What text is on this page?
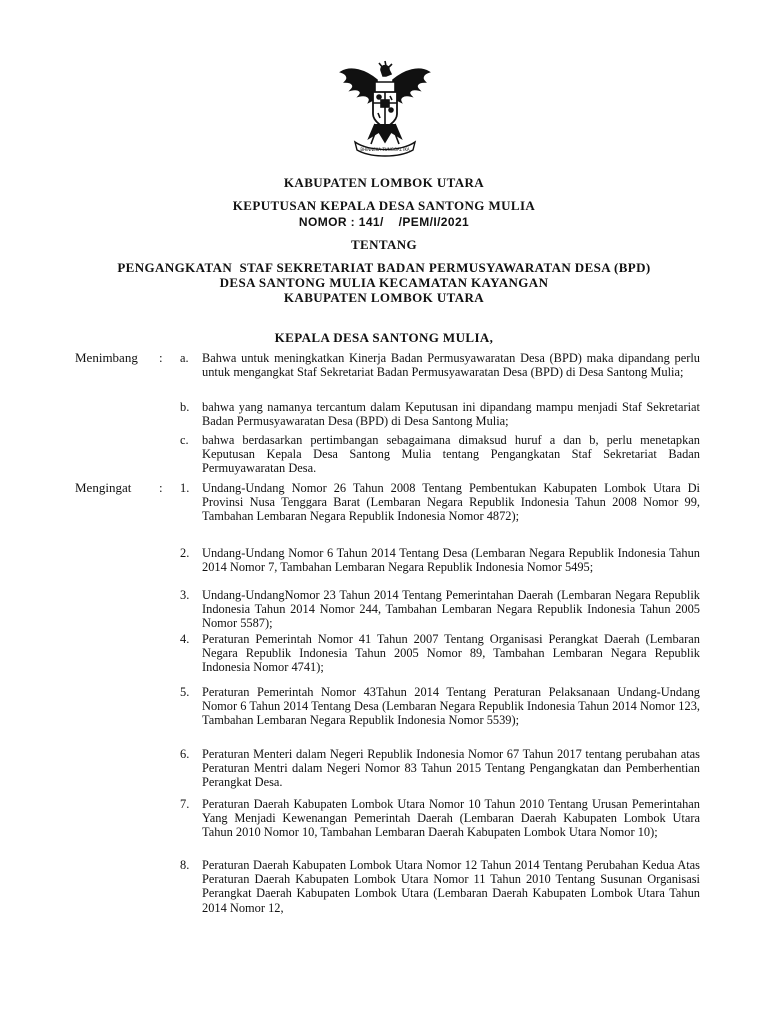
BHINNEKA TUNGGAL IKA
KABUPATEN LOMBOK UTARA
KEPUTUSAN KEPALA DESA SANTONG MULIA
NOMOR : 141/    /PEM/I/2021
TENTANG
PENGANGKATAN  STAF SEKRETARIAT BADAN PERMUSYAWARATAN DESA (BPD)
DESA SANTONG MULIA KECAMATAN KAYANGAN
KABUPATEN LOMBOK UTARA
KEPALA DESA SANTONG MULIA,
Menimbang : a. Bahwa untuk meningkatkan Kinerja Badan Permusyawaratan Desa (BPD) maka dipandang perlu untuk mengangkat Staf Sekretariat Badan Permusyawaratan Desa (BPD) di Desa Santong Mulia;
b. bahwa yang namanya tercantum dalam Keputusan ini dipandang mampu menjadi Staf Sekretariat Badan Permusyawaratan Desa (BPD) di Desa Santong Mulia;
c. bahwa berdasarkan pertimbangan sebagaimana dimaksud huruf a dan b, perlu menetapkan Keputusan Kepala Desa Santong Mulia tentang Pengangkatan Staf Sekretariat Badan Permuyawaratan Desa.
Mengingat : 1. Undang-Undang Nomor 26 Tahun 2008 Tentang Pembentukan Kabupaten Lombok Utara Di Provinsi Nusa Tenggara Barat (Lembaran Negara Republik Indonesia Tahun 2008 Nomor 99, Tambahan Lembaran Negara Republik Indonesia Nomor 4872);
2. Undang-Undang Nomor 6 Tahun 2014 Tentang Desa (Lembaran Negara Republik Indonesia Tahun 2014 Nomor 7, Tambahan Lembaran Negara Republik Indonesia Nomor 5495;
3. Undang-UndangNomor 23 Tahun 2014 Tentang Pemerintahan Daerah (Lembaran Negara Republik Indonesia Tahun 2014 Nomor 244, Tambahan Lembaran Negara Republik Indonesia Tahun 2005 Nomor 5587);
4. Peraturan Pemerintah Nomor 41 Tahun 2007 Tentang Organisasi Perangkat Daerah (Lembaran Negara Republik Indonesia Tahun 2005 Nomor 89, Tambahan Lembaran Negara Republik Indonesia Nomor 4741);
5. Peraturan Pemerintah Nomor 43Tahun 2014 Tentang Peraturan Pelaksanaan Undang-Undang Nomor 6 Tahun 2014 Tentang Desa (Lembaran Negara Republik Indonesia Tahun 2014 Nomor 123, Tambahan Lembaran Negara Republik Indonesia Nomor 5539);
6. Peraturan Menteri dalam Negeri Republik Indonesia Nomor 67 Tahun 2017 tentang perubahan atas Peraturan Mentri dalam Negeri Nomor 83 Tahun 2015 Tentang Pengangkatan dan Pemberhentian Perangkat Desa.
7. Peraturan Daerah Kabupaten Lombok Utara Nomor 10 Tahun 2010 Tentang Urusan Pemerintahan Yang Menjadi Kewenangan Pemerintah Daerah (Lembaran Daerah Kabupaten Lombok Utara Tahun 2010 Nomor 10, Tambahan Lembaran Daerah Kabupaten Lombok Utara Nomor 10);
8. Peraturan Daerah Kabupaten Lombok Utara Nomor 12 Tahun 2014 Tentang Perubahan Kedua Atas Peraturan Daerah Kabupaten Lombok Utara Nomor 11 Tahun 2010 Tentang Susunan Organisasi Perangkat Daerah Kabupaten Lombok Utara (Lembaran Daerah Kabupaten Lombok Utara Tahun 2014 Nomor 12,
